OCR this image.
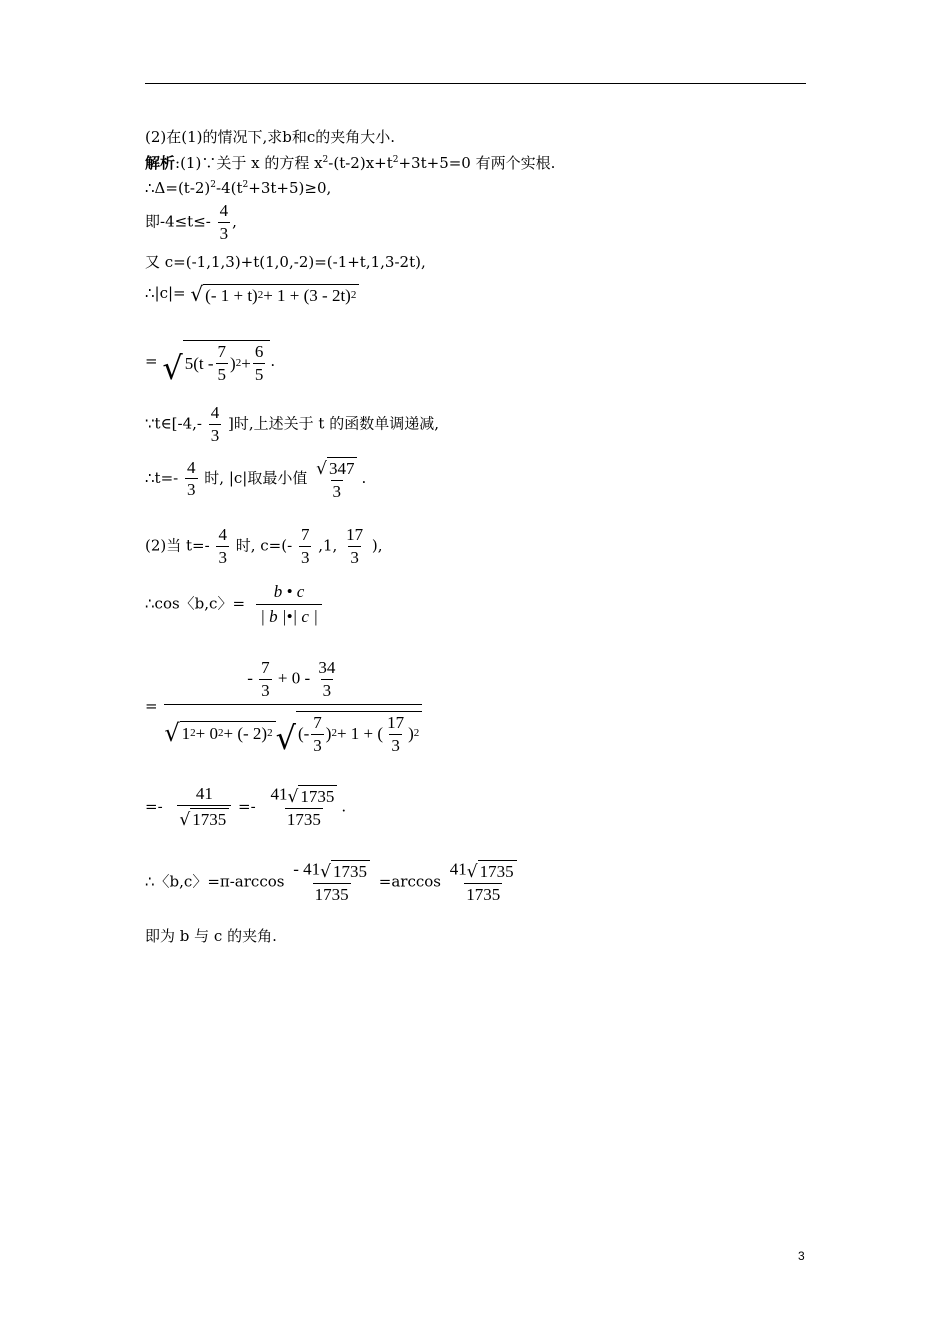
(2)在(1)的情况下,求b和c的夹角大小.
解析:(1)∵关于 x 的方程 $x^2-(t-2)x+t^2+3t+5=0$ 有两个实根.
$\therefore\Delta=(t-2)^2-4(t^2+3t+5)\ge 0$,
即$-4\le t\le- \frac{4}{3}$ ,
又 c=(-1,1,3)+t(1,0,-2)=(-1+t,1,3-2t),
∴|c|= √ (- 1 + t) 2 + 1 + (3 - 2t) 2
= √ $5(t - \frac{7}{5}$ ) $2 + \frac{6}{5}$ .
∵t∈[-4,- $\frac{4}{3}$ ]时,上述关于 t 的函数单调递减,
∴t=- $\frac{4}{3}$ 时, |c|取最小值 $\frac{√ 347}{3}$ .
(2)当 $t=- \frac{4}{3}$ 时, $c=(- \frac{7}{3} ,1$, $\frac{17}{3}$ ),
∴cos〈b,c〉= $\frac{b • c}{| b |•| c |}$
= $\frac{- \frac{7}{3} + 0 - \frac{34}{3}}{√ 1 2 + 0 2 + (- 2) 2 √ (- \frac{7}{3} ) 2 + 1 + ( \frac{17}{3} ) 2}$
=- $\frac{41}{√ 1735} =- \frac{41 √ 1735}{1735}$ .
∴〈b,c〉$=\pi-\arccos \frac{- 41 √ 1735}{1735} =\arccos \frac{41 √ 1735}{1735}$
即为 b 与 c 的夹角.
3
